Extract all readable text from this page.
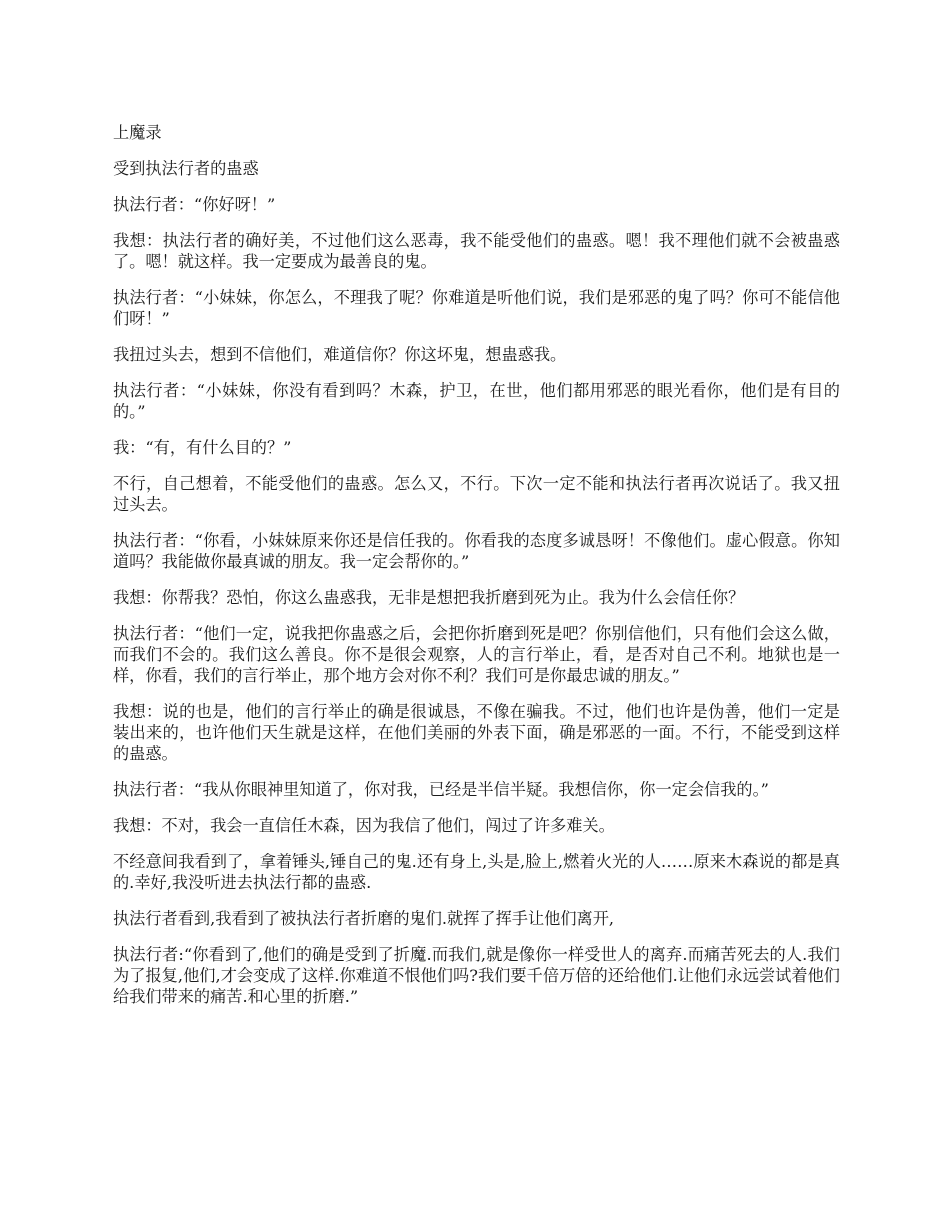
上魔录

受到执法行者的蛊惑

执法行者：“你好呀！”

我想：执法行者的确好美，不过他们这么恶毒，我不能受他们的蛊惑。嗯！我不理他们就不会被蛊惑了。嗯！就这样。我一定要成为最善良的鬼。

执法行者：“小妹妹，你怎么，不理我了呢？你难道是听他们说，我们是邪恶的鬼了吗？你可不能信他们呀！”

我扭过头去，想到不信他们，难道信你？你这坏鬼，想蛊惑我。

执法行者：“小妹妹，你没有看到吗？木森，护卫，在世，他们都用邪恶的眼光看你，他们是有目的的。”

我：“有，有什么目的？”

不行，自己想着，不能受他们的蛊惑。怎么又，不行。下次一定不能和执法行者再次说话了。我又扭过头去。

执法行者：“你看，小妹妹原来你还是信任我的。你看我的态度多诚恳呀！不像他们。虚心假意。你知道吗？我能做你最真诚的朋友。我一定会帮你的。”

我想：你帮我？恐怕，你这么蛊惑我，无非是想把我折磨到死为止。我为什么会信任你？

执法行者：“他们一定，说我把你蛊惑之后，会把你折磨到死是吧？你别信他们，只有他们会这么做，而我们不会的。我们这么善良。你不是很会观察，人的言行举止，看，是否对自己不利。地狱也是一样，你看，我们的言行举止，那个地方会对你不利？我们可是你最忠诚的朋友。”

我想：说的也是，他们的言行举止的确是很诚恳，不像在骗我。不过，他们也许是伪善，他们一定是装出来的，也许他们天生就是这样，在他们美丽的外表下面，确是邪恶的一面。不行，不能受到这样的蛊惑。

执法行者：“我从你眼神里知道了，你对我，已经是半信半疑。我想信你，你一定会信我的。”

我想：不对，我会一直信任木森，因为我信了他们，闯过了许多难关。

不经意间我看到了，拿着锤头,锤自己的鬼.还有身上,头是,脸上,燃着火光的人……原来木森说的都是真的.幸好,我没听进去执法行都的蛊惑.

执法行者看到,我看到了被执法行者折磨的鬼们.就挥了挥手让他们离开,

执法行者:“你看到了,他们的确是受到了折魔.而我们,就是像你一样受世人的离弃.而痛苦死去的人.我们为了报复,他们,才会变成了这样.你难道不恨他们吗?我们要千倍万倍的还给他们.让他们永远尝试着他们给我们带来的痛苦.和心里的折磨.”
